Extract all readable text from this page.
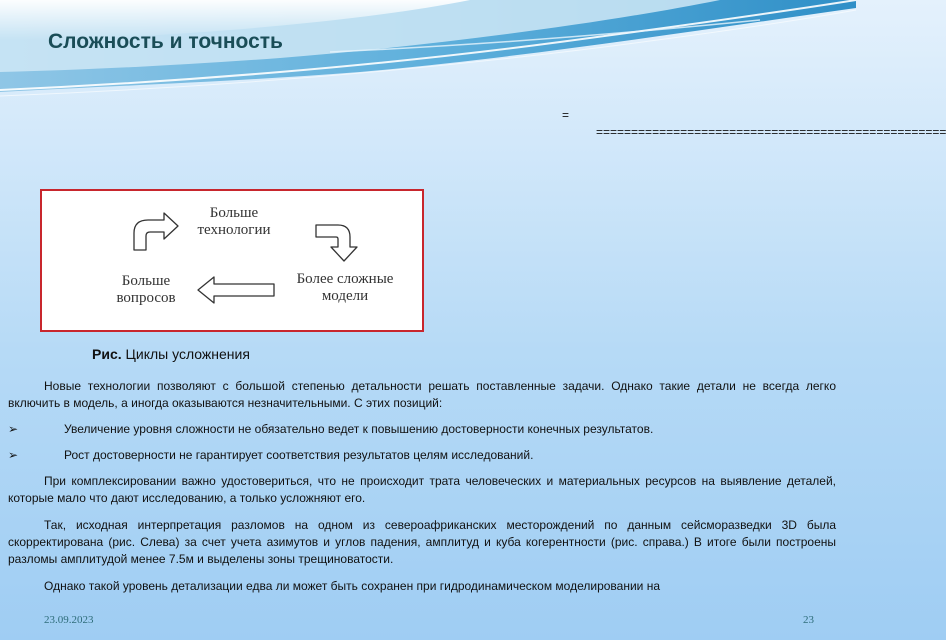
Сложность и точность
=
==================================================
Больше
технологии
Более сложные
модели
Больше
вопросов

Рис. Циклы усложнения

Новые технологии позволяют с большой степенью детальности решать поставленные задачи. Однако такие детали не всегда легко включить в модель, а иногда оказываются незначительными. С этих позиций:

➢	Увеличение уровня сложности не обязательно ведет к повышению достоверности конечных результатов.

➢	Рост достоверности не гарантирует соответствия результатов целям исследований.

При комплексировании важно удостовериться, что не происходит трата человеческих и материальных ресурсов на выявление деталей, которые мало что дают исследованию, а только усложняют его.

Так, исходная интерпретация разломов на одном из североафриканских месторождений по данным сейсморазведки 3D была скорректирована (рис. Слева) за счет учета азимутов и углов падения, амплитуд и куба когерентности (рис. справа.) В итоге были построены разломы амплитудой менее 7.5м и выделены зоны трещиноватости.

Однако такой уровень детализации едва ли может быть сохранен при гидродинамическом моделировании на

23.09.2023	23
